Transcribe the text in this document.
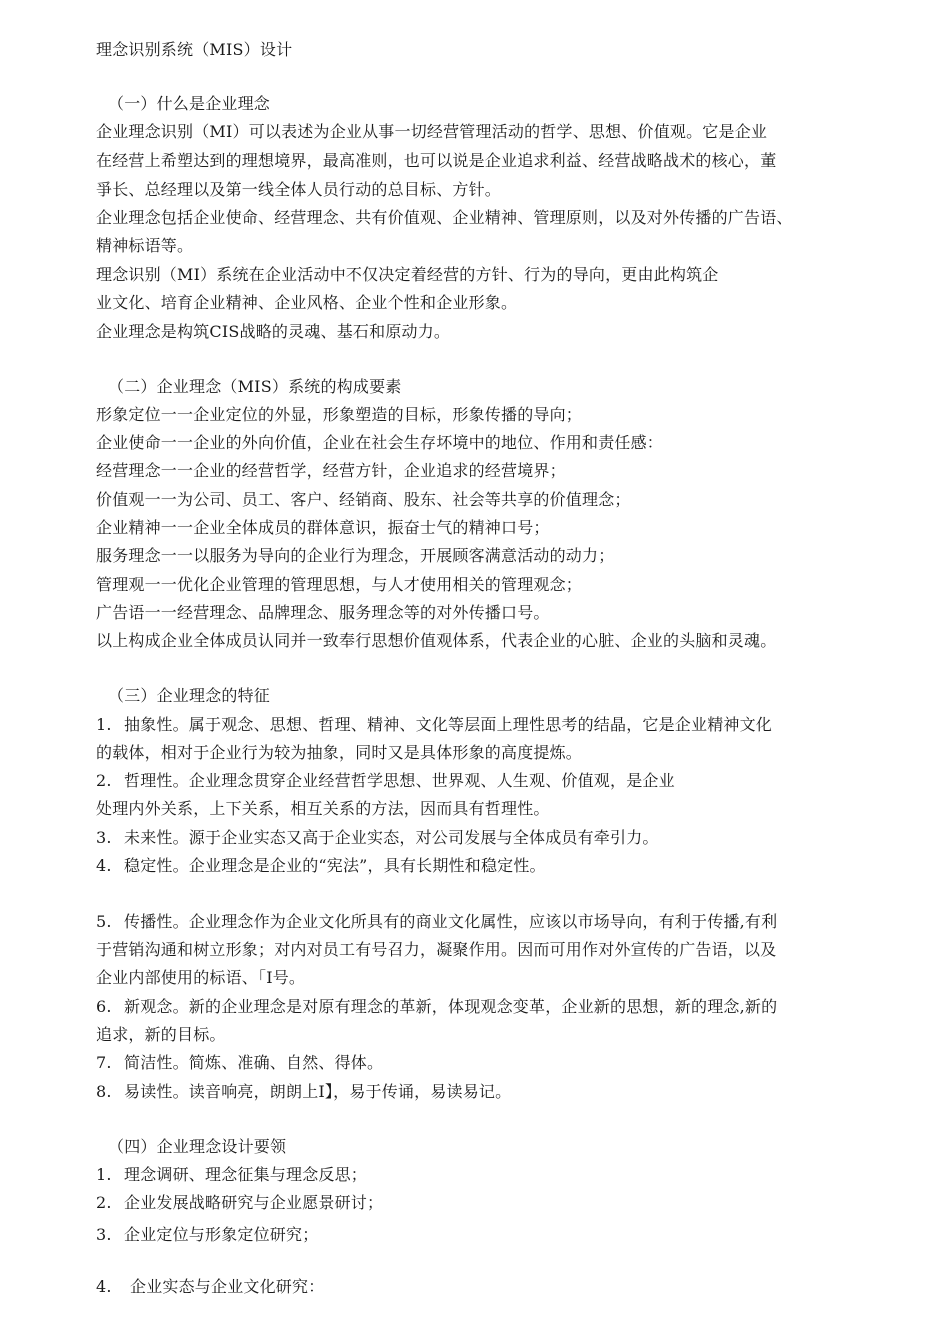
理念识别系统（MIS）设计
（一）什么是企业理念
企业理念识别（MI）可以表述为企业从事一切经营管理活动的哲学、思想、价值观。它是企业
在经营上希塑达到的理想境界，最高准则，也可以说是企业追求利益、经营战略战术的核心，董
爭长、总经理以及第一线全体人员行动的总目标、方针。
企业理念包括企业使命、经营理念、共有价值观、企业精神、管理原则，以及对外传播的广告语、
精神标语等。
理念识别（MI）系统在企业活动中不仅决定着经营的方针、行为的导向，更由此构筑企
业文化、培育企业精神、企业风格、企业个性和企业形象。
企业理念是构筑CIS战略的灵魂、基石和原动力。
（二）企业理念（MIS）系统的构成要素
形象定位一一企业定位的外显，形象塑造的目标，形象传播的导向；
企业使命一一企业的外向价值，企业在社会生存坏境中的地位、作用和责任感：
经营理念一一企业的经营哲学，经营方针，企业追求的经营境界；
价值观一一为公司、员工、客户、经销商、股东、社会等共享的价值理念；
企业精神一一企业全体成员的群体意识，振奋士气的精神口号；
服务理念一一以服务为导向的企业行为理念，开展顾客满意活动的动力；
管理观一一优化企业管理的管理思想，与人才使用相关的管理观念；
广告语一一经营理念、品牌理念、服务理念等的对外传播口号。
以上构成企业全体成员认同并一致奉行思想价值观体系，代表企业的心脏、企业的头脑和灵魂。
（三）企业理念的特征
1. 抽象性。属于观念、思想、哲理、精神、文化等层面上理性思考的结晶，它是企业精神文化
的载体，相对于企业行为较为抽象，同时又是具体形象的高度提炼。
2. 哲理性。企业理念贯穿企业经营哲学思想、世界观、人生观、价值观，是企业
处理内外关系，上下关系，相互关系的方法，因而具有哲理性。
3. 未来性。源于企业实态又高于企业实态，对公司发展与全体成员有牵引力。
4. 稳定性。企业理念是企业的“宪法”，具有长期性和稳定性。
5. 传播性。企业理念作为企业文化所具有的商业文化属性，应该以市场导向，有利于传播,有利
于营销沟通和树立形象；对内对员工有号召力，凝聚作用。因而可用作对外宣传的广告语，以及
企业内部使用的标语、「I号。
6. 新观念。新的企业理念是对原有理念的革新，体现观念变革，企业新的思想，新的理念,新的
追求，新的目标。
7. 简洁性。简炼、准确、自然、得体。
8. 易读性。读音响亮，朗朗上I】，易于传诵，易读易记。
（四）企业理念设计要领
1. 理念调研、理念征集与理念反思；
2. 企业发展战略研究与企业愿景研讨；
3. 企业定位与形象定位研究；
4. 企业实态与企业文化研究：
